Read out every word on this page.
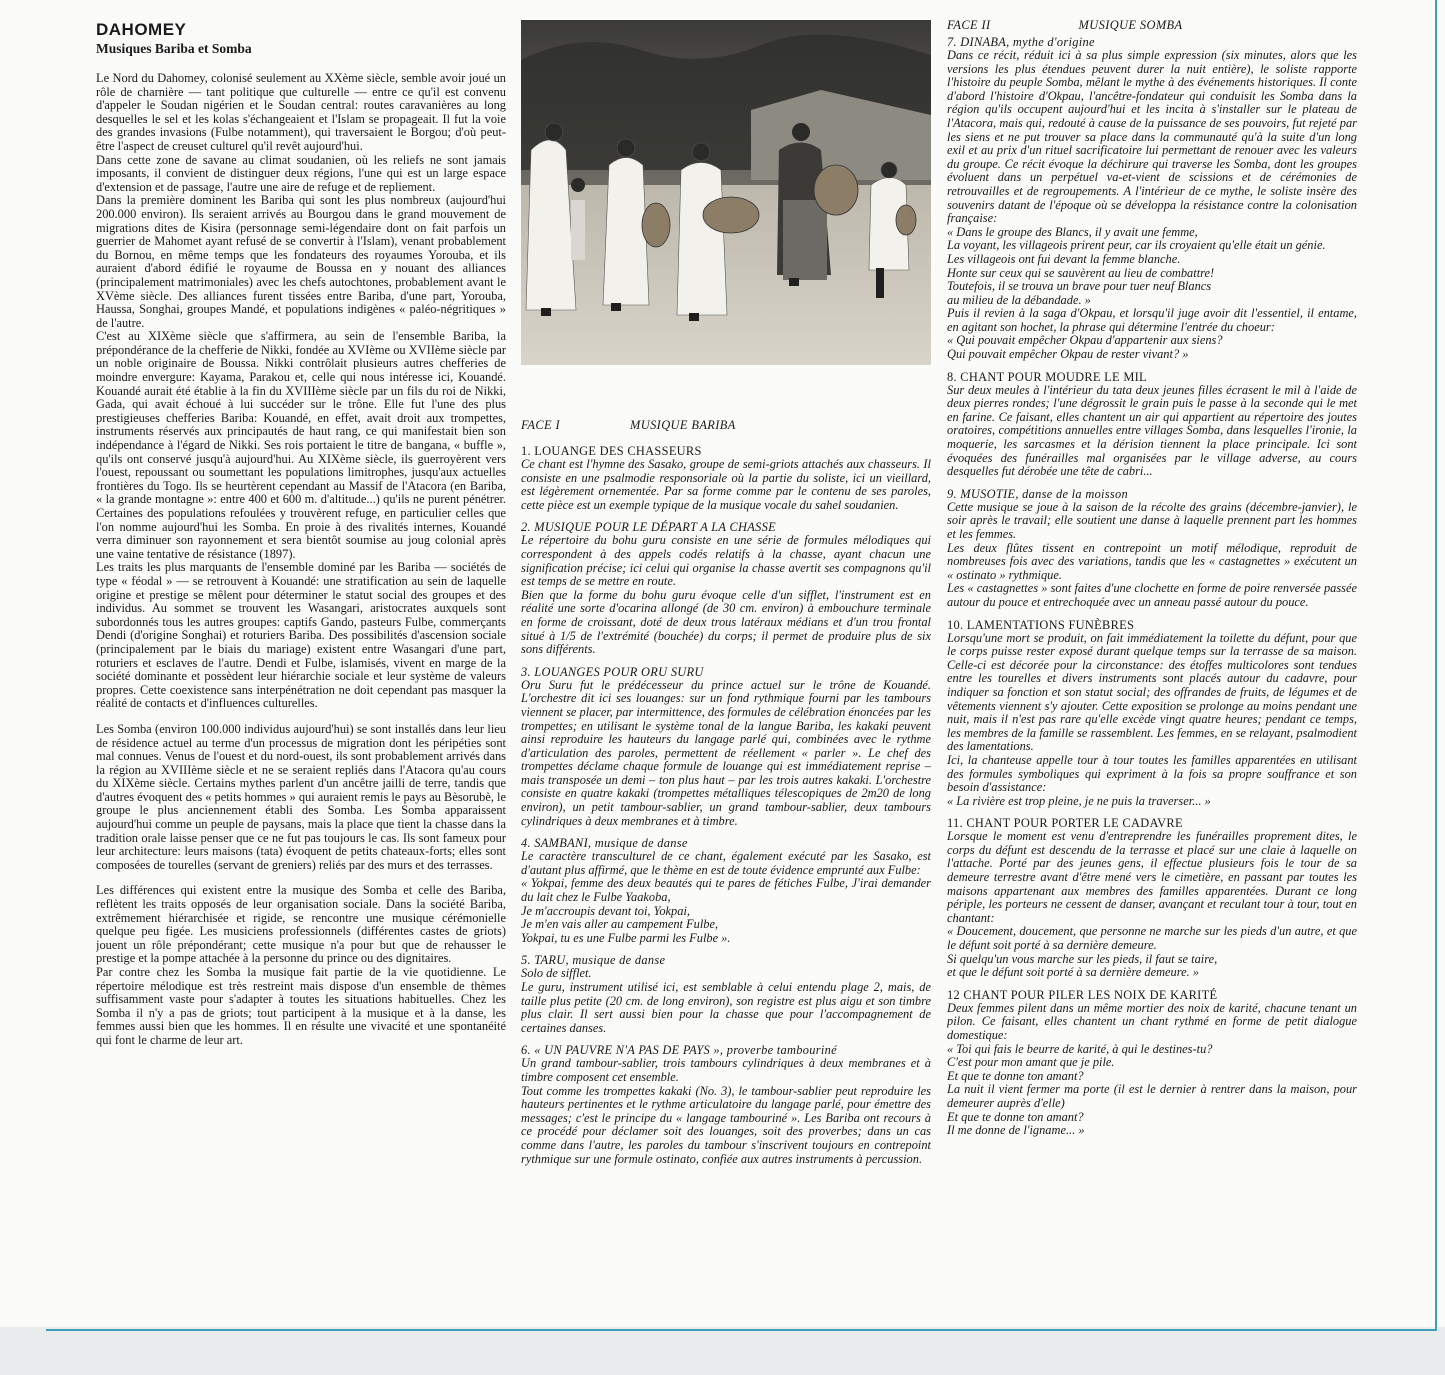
DAHOMEY
Musiques Bariba et Somba

Le Nord du Dahomey, colonisé seulement au XXème siècle, semble avoir joué un rôle de charnière — tant politique que culturelle — entre ce qu'il est convenu d'appeler le Soudan nigérien et le Soudan central: routes caravanières au long desquelles le sel et les kolas s'échangeaient et l'Islam se propageait. Il fut la voie des grandes invasions (Fulbe notamment), qui traversaient le Borgou; d'où peut-être l'aspect de creuset culturel qu'il revêt aujourd'hui.

Dans cette zone de savane au climat soudanien, où les reliefs ne sont jamais imposants, il convient de distinguer deux régions, l'une qui est un large espace d'extension et de passage, l'autre une aire de refuge et de repliement.

Dans la première dominent les Bariba qui sont les plus nombreux (aujourd'hui 200.000 environ). Ils seraient arrivés au Bourgou dans le grand mouvement de migrations dites de Kisira (personnage semi-légendaire dont on fait parfois un guerrier de Mahomet ayant refusé de se convertir à l'Islam), venant probablement du Bornou, en même temps que les fondateurs des royaumes Yorouba, et ils auraient d'abord édifié le royaume de Boussa en y nouant des alliances (principalement matrimoniales) avec les chefs autochtones, probablement avant le XVème siècle. Des alliances furent tissées entre Bariba, d'une part, Yorouba, Haussa, Songhai, groupes Mandé, et populations indigènes « paléo-négritiques » de l'autre.

C'est au XIXème siècle que s'affirmera, au sein de l'ensemble Bariba, la prépondérance de la chefferie de Nikki, fondée au XVIème ou XVIIème siècle par un noble originaire de Boussa. Nikki contrôlait plusieurs autres chefferies de moindre envergure: Kayama, Parakou et, celle qui nous intéresse ici, Kouandé. Kouandé aurait été établie à la fin du XVIIIème siècle par un fils du roi de Nikki, Gada, qui avait échoué à lui succéder sur le trône. Elle fut l'une des plus prestigieuses chefferies Bariba: Kouandé, en effet, avait droit aux trompettes, instruments réservés aux principautés de haut rang, ce qui manifestait bien son indépendance à l'égard de Nikki. Ses rois portaient le titre de bangana, « buffle », qu'ils ont conservé jusqu'à aujourd'hui. Au XIXème siècle, ils guerroyèrent vers l'ouest, repoussant ou soumettant les populations limitrophes, jusqu'aux actuelles frontières du Togo. Ils se heurtèrent cependant au Massif de l'Atacora (en Bariba, « la grande montagne »: entre 400 et 600 m. d'altitude...) qu'ils ne purent pénétrer. Certaines des populations refoulées y trouvèrent refuge, en particulier celles que l'on nomme aujourd'hui les Somba. En proie à des rivalités internes, Kouandé verra diminuer son rayonnement et sera bientôt soumise au joug colonial après une vaine tentative de résistance (1897).

Les traits les plus marquants de l'ensemble dominé par les Bariba — sociétés de type « féodal » — se retrouvent à Kouandé: une stratification au sein de laquelle origine et prestige se mêlent pour déterminer le statut social des groupes et des individus. Au sommet se trouvent les Wasangari, aristocrates auxquels sont subordonnés tous les autres groupes: captifs Gando, pasteurs Fulbe, commerçants Dendi (d'origine Songhai) et roturiers Bariba. Des possibilités d'ascension sociale (principalement par le biais du mariage) existent entre Wasangari d'une part, roturiers et esclaves de l'autre. Dendi et Fulbe, islamisés, vivent en marge de la société dominante et possèdent leur hiérarchie sociale et leur système de valeurs propres. Cette coexistence sans interpénétration ne doit cependant pas masquer la réalité de contacts et d'influences culturelles.

Les Somba (environ 100.000 individus aujourd'hui) se sont installés dans leur lieu de résidence actuel au terme d'un processus de migration dont les péripéties sont mal connues. Venus de l'ouest et du nord-ouest, ils sont probablement arrivés dans la région au XVIIIème siècle et ne se seraient repliés dans l'Atacora qu'au cours du XIXème siècle. Certains mythes parlent d'un ancêtre jailli de terre, tandis que d'autres évoquent des « petits hommes » qui auraient remis le pays au Bèsorubè, le groupe le plus anciennement établi des Somba. Les Somba apparaissent aujourd'hui comme un peuple de paysans, mais la place que tient la chasse dans la tradition orale laisse penser que ce ne fut pas toujours le cas. Ils sont fameux pour leur architecture: leurs maisons (tata) évoquent de petits chateaux-forts; elles sont composées de tourelles (servant de greniers) reliés par des murs et des terrasses.

Les différences qui existent entre la musique des Somba et celle des Bariba, reflètent les traits opposés de leur organisation sociale. Dans la société Bariba, extrêmement hiérarchisée et rigide, se rencontre une musique cérémonielle quelque peu figée. Les musiciens professionnels (différentes castes de griots) jouent un rôle prépondérant; cette musique n'a pour but que de rehausser le prestige et la pompe attachée à la personne du prince ou des dignitaires.

Par contre chez les Somba la musique fait partie de la vie quotidienne. Le répertoire mélodique est très restreint mais dispose d'un ensemble de thèmes suffisamment vaste pour s'adapter à toutes les situations habituelles. Chez les Somba il n'y a pas de griots; tout participent à la musique et à la danse, les femmes aussi bien que les hommes. Il en résulte une vivacité et une spontanéité qui font le charme de leur art.

FACE I	MUSIQUE BARIBA

1. LOUANGE DES CHASSEURS

Ce chant est l'hymne des Sasako, groupe de semi-griots attachés aux chasseurs. Il consiste en une psalmodie responsoriale où la partie du soliste, ici un vieillard, est légèrement ornementée. Par sa forme comme par le contenu de ses paroles, cette pièce est un exemple typique de la musique vocale du sahel soudanien.

2. MUSIQUE POUR LE DÉPART A LA CHASSE

Le répertoire du bohu guru consiste en une série de formules mélodiques qui correspondent à des appels codés relatifs à la chasse, ayant chacun une signification précise; ici celui qui organise la chasse avertit ses compagnons qu'il est temps de se mettre en route.
Bien que la forme du bohu guru évoque celle d'un sifflet, l'instrument est en réalité une sorte d'ocarina allongé (de 30 cm. environ) à embouchure terminale en forme de croissant, doté de deux trous latéraux médians et d'un trou frontal situé à 1/5 de l'extrémité (bouchée) du corps; il permet de produire plus de six sons différents.

3. LOUANGES POUR ORU SURU

Oru Suru fut le prédécesseur du prince actuel sur le trône de Kouandé. L'orchestre dit ici ses louanges: sur un fond rythmique fourni par les tambours viennent se placer, par intermittence, des formules de célébration énoncées par les trompettes; en utilisant le système tonal de la langue Bariba, les kakaki peuvent ainsi reproduire les hauteurs du langage parlé qui, combinées avec le rythme d'articulation des paroles, permettent de réellement « parler ». Le chef des trompettes déclame chaque formule de louange qui est immédiatement reprise – mais transposée un demi – ton plus haut – par les trois autres kakaki. L'orchestre consiste en quatre kakaki (trompettes métalliques télescopiques de 2m20 de long environ), un petit tambour-sablier, un grand tambour-sablier, deux tambours cylindriques à deux membranes et à timbre.

4. SAMBANI, musique de danse

Le caractère transculturel de ce chant, également exécuté par les Sasako, est d'autant plus affirmé, que le thème en est de toute évidence emprunté aux Fulbe:
« Yokpai, femme des deux beautés qui te pares de fétiches Fulbe, J'irai demander du lait chez le Fulbe Yaakoba,
Je m'accroupis devant toi, Yokpai,
Je m'en vais aller au campement Fulbe,
Yokpai, tu es une Fulbe parmi les Fulbe ».

5. TARU, musique de danse

Solo de sifflet.
Le guru, instrument utilisé ici, est semblable à celui entendu plage 2, mais, de taille plus petite (20 cm. de long environ), son registre est plus aigu et son timbre plus clair. Il sert aussi bien pour la chasse que pour l'accompagnement de certaines danses.

6. « UN PAUVRE N'A PAS DE PAYS », proverbe tambouriné

Un grand tambour-sablier, trois tambours cylindriques à deux membranes et à timbre composent cet ensemble.
Tout comme les trompettes kakaki (No. 3), le tambour-sablier peut reproduire les hauteurs pertinentes et le rythme articulatoire du langage parlé, pour émettre des messages; c'est le principe du « langage tambouriné ». Les Bariba ont recours à ce procédé pour déclamer soit des louanges, soit des proverbes; dans un cas comme dans l'autre, les paroles du tambour s'inscrivent toujours en contrepoint rythmique sur une formule ostinato, confiée aux autres instruments à percussion.

FACE II	MUSIQUE SOMBA

7. DINABA, mythe d'origine

Dans ce récit, réduit ici à sa plus simple expression (six minutes, alors que les versions les plus étendues peuvent durer la nuit entière), le soliste rapporte l'histoire du peuple Somba, mêlant le mythe à des événements historiques. Il conte d'abord l'histoire d'Okpau, l'ancêtre-fondateur qui conduisit les Somba dans la région qu'ils occupent aujourd'hui et les incita à s'installer sur le plateau de l'Atacora, mais qui, redouté à cause de la puissance de ses pouvoirs, fut rejeté par les siens et ne put trouver sa place dans la communauté qu'à la suite d'un long exil et au prix d'un rituel sacrificatoire lui permettant de renouer avec les valeurs du groupe. Ce récit évoque la déchirure qui traverse les Somba, dont les groupes évoluent dans un perpétuel va-et-vient de scissions et de cérémonies de retrouvailles et de regroupements. A l'intérieur de ce mythe, le soliste insère des souvenirs datant de l'époque où se développa la résistance contre la colonisation française:
« Dans le groupe des Blancs, il y avait une femme,
La voyant, les villageois prirent peur, car ils croyaient qu'elle était un génie.
Les villageois ont fui devant la femme blanche.
Honte sur ceux qui se sauvèrent au lieu de combattre!
Toutefois, il se trouva un brave pour tuer neuf Blancs
au milieu de la débandade. »
Puis il revien à la saga d'Okpau, et lorsqu'il juge avoir dit l'essentiel, il entame, en agitant son hochet, la phrase qui détermine l'entrée du choeur:
« Qui pouvait empêcher Okpau d'appartenir aux siens?
Qui pouvait empêcher Okpau de rester vivant? »

8. CHANT POUR MOUDRE LE MIL

Sur deux meules à l'intérieur du tata deux jeunes filles écrasent le mil à l'aide de deux pierres rondes; l'une dégrossit le grain puis le passe à la seconde qui le met en farine. Ce faisant, elles chantent un air qui appartient au répertoire des joutes oratoires, compétitions annuelles entre villages Somba, dans lesquelles l'ironie, la moquerie, les sarcasmes et la dérision tiennent la place principale. Ici sont évoquées des funérailles mal organisées par le village adverse, au cours desquelles fut dérobée une tête de cabri...

9. MUSOTIE, danse de la moisson

Cette musique se joue à la saison de la récolte des grains (décembre-janvier), le soir après le travail; elle soutient une danse à laquelle prennent part les hommes et les femmes.
Les deux flûtes tissent en contrepoint un motif mélodique, reproduit de nombreuses fois avec des variations, tandis que les « castagnettes » exécutent un « ostinato » rythmique.
Les « castagnettes » sont faites d'une clochette en forme de poire renversée passée autour du pouce et entrechoquée avec un anneau passé autour du pouce.

10. LAMENTATIONS FUNÈBRES

Lorsqu'une mort se produit, on fait immédiatement la toilette du défunt, pour que le corps puisse rester exposé durant quelque temps sur la terrasse de sa maison. Celle-ci est décorée pour la circonstance: des étoffes multicolores sont tendues entre les tourelles et divers instruments sont placés autour du cadavre, pour indiquer sa fonction et son statut social; des offrandes de fruits, de légumes et de vêtements viennent s'y ajouter. Cette exposition se prolonge au moins pendant une nuit, mais il n'est pas rare qu'elle excède vingt quatre heures; pendant ce temps, les membres de la famille se rassemblent. Les femmes, en se relayant, psalmodient des lamentations.
Ici, la chanteuse appelle tour à tour toutes les familles apparentées en utilisant des formules symboliques qui expriment à la fois sa propre souffrance et son besoin d'assistance:
« La rivière est trop pleine, je ne puis la traverser... »

11. CHANT POUR PORTER LE CADAVRE

Lorsque le moment est venu d'entreprendre les funérailles proprement dites, le corps du défunt est descendu de la terrasse et placé sur une claie à laquelle on l'attache. Porté par des jeunes gens, il effectue plusieurs fois le tour de sa demeure terrestre avant d'être mené vers le cimetière, en passant par toutes les maisons appartenant aux membres des familles apparentées. Durant ce long périple, les porteurs ne cessent de danser, avançant et reculant tour à tour, tout en chantant:
« Doucement, doucement, que personne ne marche sur les pieds d'un autre, et que le défunt soit porté à sa dernière demeure.
Si quelqu'un vous marche sur les pieds, il faut se taire,
et que le défunt soit porté à sa dernière demeure. »

12 CHANT POUR PILER LES NOIX DE KARITÉ

Deux femmes pilent dans un même mortier des noix de karité, chacune tenant un pilon. Ce faisant, elles chantent un chant rythmé en forme de petit dialogue domestique:
« Toi qui fais le beurre de karité, à qui le destines-tu?
C'est pour mon amant que je pile.
Et que te donne ton amant?
La nuit il vient fermer ma porte (il est le dernier à rentrer dans la maison, pour demeurer auprès d'elle)
Et que te donne ton amant?
Il me donne de l'igname... »
